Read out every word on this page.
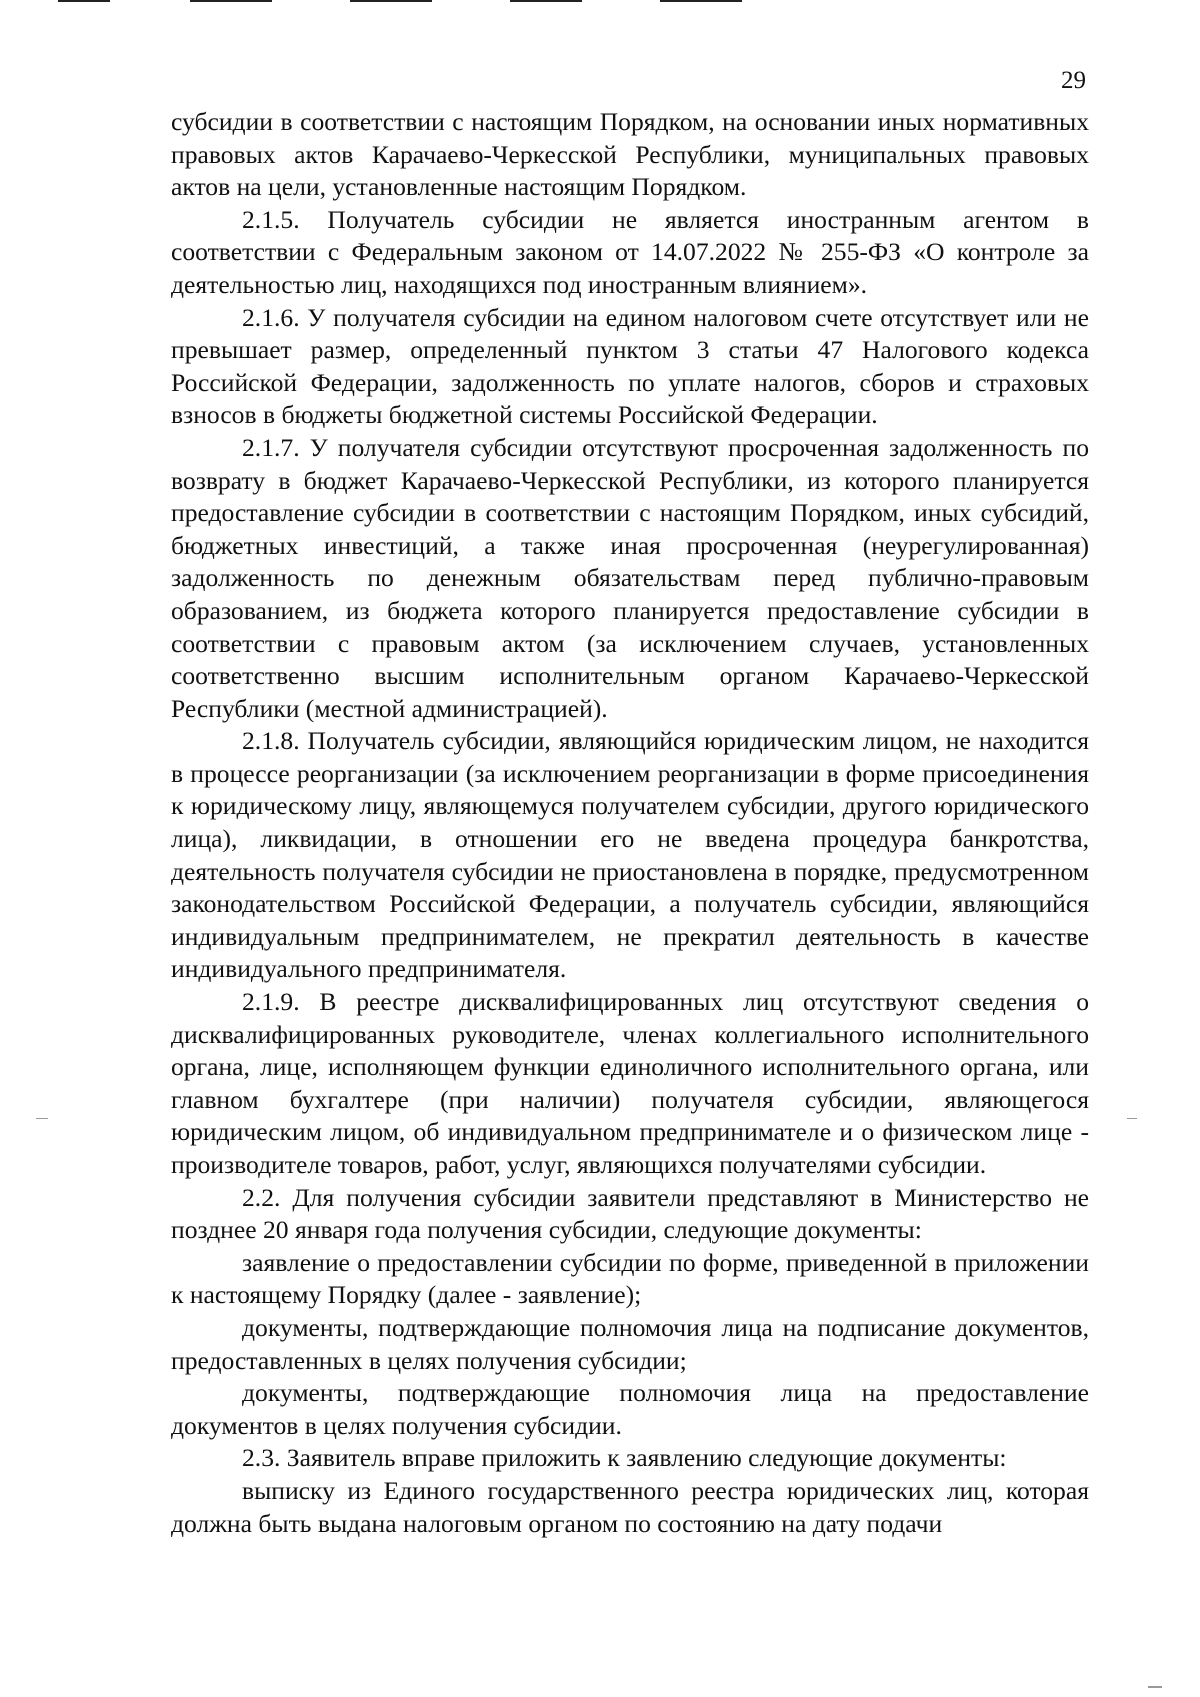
29

субсидии в соответствии с настоящим Порядком, на основании иных нормативных правовых актов Карачаево-Черкесской Республики, муниципальных правовых актов на цели, установленные настоящим Порядком.

2.1.5. Получатель субсидии не является иностранным агентом в соответствии с Федеральным законом от 14.07.2022 № 255-ФЗ «О контроле за деятельностью лиц, находящихся под иностранным влиянием».

2.1.6. У получателя субсидии на едином налоговом счете отсутствует или не превышает размер, определенный пунктом 3 статьи 47 Налогового кодекса Российской Федерации, задолженность по уплате налогов, сборов и страховых взносов в бюджеты бюджетной системы Российской Федерации.

2.1.7. У получателя субсидии отсутствуют просроченная задолженность по возврату в бюджет Карачаево-Черкесской Республики, из которого планируется предоставление субсидии в соответствии с настоящим Порядком, иных субсидий, бюджетных инвестиций, а также иная просроченная (неурегулированная) задолженность по денежным обязательствам перед публично-правовым образованием, из бюджета которого планируется предоставление субсидии в соответствии с правовым актом (за исключением случаев, установленных соответственно высшим исполнительным органом Карачаево-Черкесской Республики (местной администрацией).

2.1.8. Получатель субсидии, являющийся юридическим лицом, не находится в процессе реорганизации (за исключением реорганизации в форме присоединения к юридическому лицу, являющемуся получателем субсидии, другого юридического лица), ликвидации, в отношении его не введена процедура банкротства, деятельность получателя субсидии не приостановлена в порядке, предусмотренном законодательством Российской Федерации, а получатель субсидии, являющийся индивидуальным предпринимателем, не прекратил деятельность в качестве индивидуального предпринимателя.

2.1.9. В реестре дисквалифицированных лиц отсутствуют сведения о дисквалифицированных руководителе, членах коллегиального исполнительного органа, лице, исполняющем функции единоличного исполнительного органа, или главном бухгалтере (при наличии) получателя субсидии, являющегося юридическим лицом, об индивидуальном предпринимателе и о физическом лице - производителе товаров, работ, услуг, являющихся получателями субсидии.

2.2. Для получения субсидии заявители представляют в Министерство не позднее 20 января года получения субсидии, следующие документы:

заявление о предоставлении субсидии по форме, приведенной в приложении к настоящему Порядку (далее - заявление);

документы, подтверждающие полномочия лица на подписание документов, предоставленных в целях получения субсидии;

документы, подтверждающие полномочия лица на предоставление документов в целях получения субсидии.

2.3. Заявитель вправе приложить к заявлению следующие документы:

выписку из Единого государственного реестра юридических лиц, которая должна быть выдана налоговым органом по состоянию на дату подачи
